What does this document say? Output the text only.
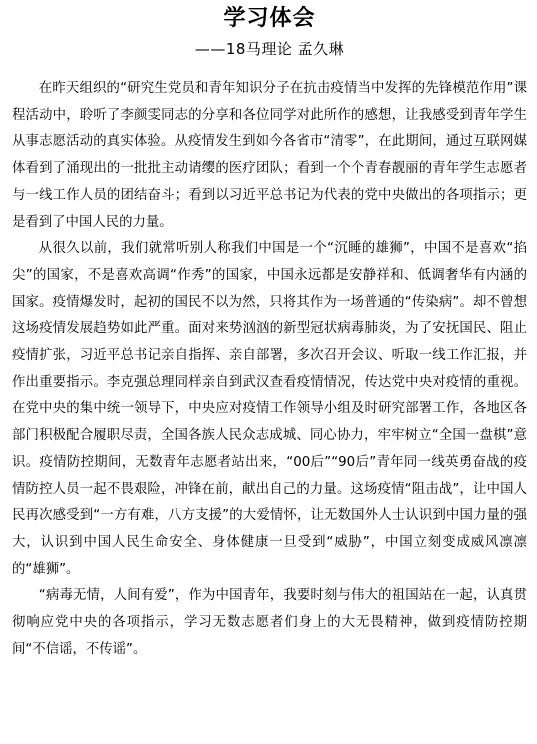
学习体会
——18马理论 孟久琳

在昨天组织的“研究生党员和青年知识分子在抗击疫情当中发挥的先锋模范作用”课程活动中，聆听了李颜雯同志的分享和各位同学对此所作的感想，让我感受到青年学生从事志愿活动的真实体验。从疫情发生到如今各省市“清零”，在此期间，通过互联网媒体看到了涌现出的一批批主动请缨的医疗团队；看到一个个青春靓丽的青年学生志愿者与一线工作人员的团结奋斗；看到以习近平总书记为代表的党中央做出的各项指示；更是看到了中国人民的力量。

从很久以前，我们就常听别人称我们中国是一个“沉睡的雄狮”，中国不是喜欢“掐尖”的国家，不是喜欢高调“作秀”的国家，中国永远都是安静祥和、低调奢华有内涵的国家。疫情爆发时，起初的国民不以为然，只将其作为一场普通的“传染病”。却不曾想这场疫情发展趋势如此严重。面对来势汹汹的新型冠状病毒肺炎，为了安抚国民、阻止疫情扩张，习近平总书记亲自指挥、亲自部署，多次召开会议、听取一线工作汇报，并作出重要指示。李克强总理同样亲自到武汉查看疫情情况，传达党中央对疫情的重视。在党中央的集中统一领导下，中央应对疫情工作领导小组及时研究部署工作，各地区各部门积极配合履职尽责，全国各族人民众志成城、同心协力，牢牢树立“全国一盘棋”意识。疫情防控期间，无数青年志愿者站出来，“00后”“90后”青年同一线英勇奋战的疫情防控人员一起不畏艰险，冲锋在前，献出自己的力量。这场疫情“阻击战”，让中国人民再次感受到“一方有难，八方支援”的大爱情怀，让无数国外人士认识到中国力量的强大，认识到中国人民生命安全、身体健康一旦受到“威胁”，中国立刻变成威风凛凛的“雄狮”。

“病毒无情，人间有爱”，作为中国青年，我要时刻与伟大的祖国站在一起，认真贯彻响应党中央的各项指示，学习无数志愿者们身上的大无畏精神，做到疫情防控期间“不信谣，不传谣”。
